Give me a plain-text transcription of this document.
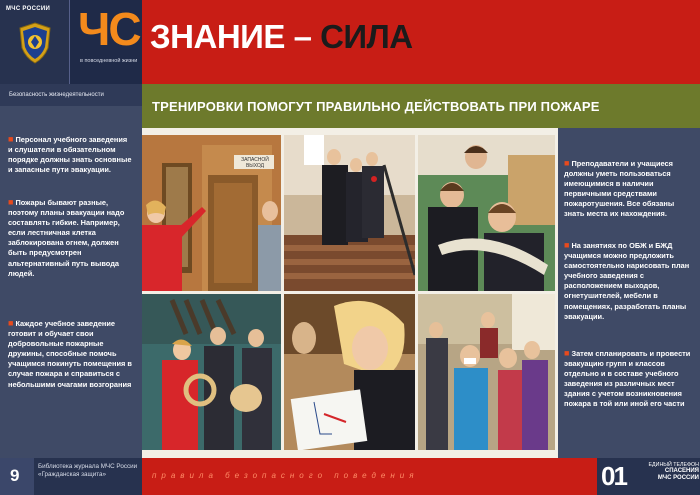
МЧС РОССИИ ЧС
в повседневной жизни
Безопасность жизнедеятельности
■ Персонал учебного заведения и слушатели в обязательном порядке должны знать основные и запасные пути эвакуации.
■ Пожары бывают разные, поэтому планы эвакуации надо составлять гибкие. Например, если лестничная клетка заблокирована огнем, должен быть предусмотрен альтернативный путь вывода людей.
■ Каждое учебное заведение готовит и обучает свои добровольные пожарные дружины, способные помочь учащимся покинуть помещения в случае пожара и справиться с небольшими очагами возгорания
ЗНАНИЕ – СИЛА
ТРЕНИРОВКИ ПОМОГУТ ПРАВИЛЬНО ДЕЙСТВОВАТЬ ПРИ ПОЖАРЕ
ЗАПАСНОЙ ВЫХОД	■ Преподаватели и учащиеся должны уметь пользоваться имеющимися в наличии первичными средствами пожаротушения. Все обязаны знать места их нахождения.
■ На занятиях по ОБЖ и БЖД учащимся можно предложить самостоятельно нарисовать план учебного заведения с расположением выходов, огнетушителей, мебели в помещениях, разработать планы эвакуации.
■ Затем спланировать и провести эвакуацию групп и классов отдельно и в составе учебного заведения из различных мест здания с учетом возникновения пожара в той или иной его части
9	Библиотека журнала МЧС России «Гражданская защита»	правила безопасного поведения	01	ЕДИНЫЙ ТЕЛЕФОН
СПАСЕНИЯ
МЧС РОССИИ
